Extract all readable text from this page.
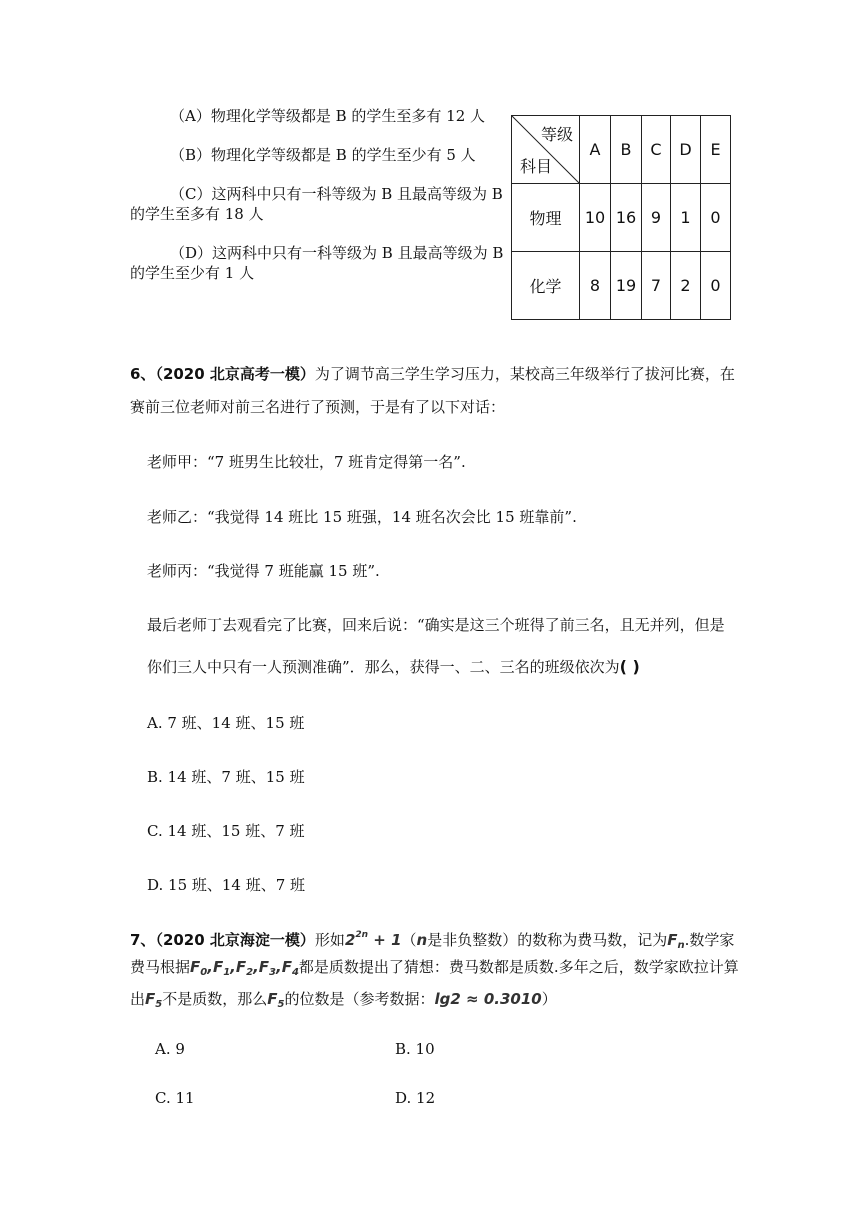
（A）物理化学等级都是 B 的学生至多有 12 人
（B）物理化学等级都是 B 的学生至少有 5 人
（C）这两科中只有一科等级为 B 且最高等级为 B
的学生至多有 18 人
（D）这两科中只有一科等级为 B 且最高等级为 B
的学生至少有 1 人
等级
科目	A	B	C	D	E
物理	10	16	9	1	0
化学	8	19	7	2	0
6、（2020 北京高考一模）为了调节高三学生学习压力，某校高三年级举行了拔河比赛，在
赛前三位老师对前三名进行了预测，于是有了以下对话：
老师甲：“7 班男生比较壮，7 班肯定得第一名”.
老师乙：“我觉得 14 班比 15 班强，14 班名次会比 15 班靠前”.
老师丙：“我觉得 7 班能赢 15 班”.
最后老师丁去观看完了比赛，回来后说：“确实是这三个班得了前三名，且无并列，但是
你们三人中只有一人预测准确”．那么，获得一、二、三名的班级依次为( )
A. 7 班、14 班、15 班
B. 14 班、7 班、15 班
C. 14 班、15 班、7 班
D. 15 班、14 班、7 班
7、（2020 北京海淀一模）形如$2^{2n} + 1(n$是非负整数）的数称为费马数，记为$F_n$.数学家
费马根据$F_0,F_1,F_2,F_3,F_4$都是质数提出了猜想：费马数都是质数.多年之后，数学家欧拉计算
出$F_5$不是质数，那么$F_5$的位数是（参考数据：lg2 ≈ 0.3010）
A. 9	B. 10
C. 11	D. 12
